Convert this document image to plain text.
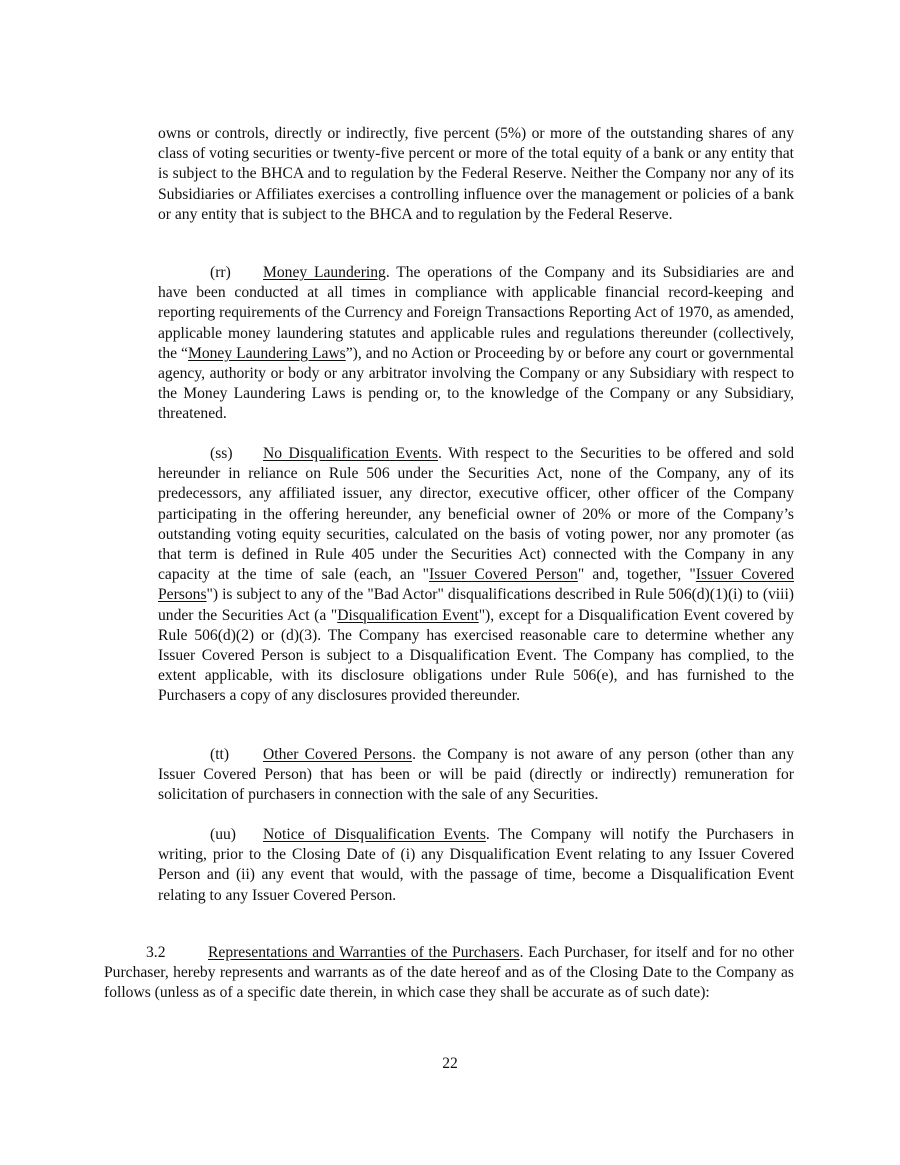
owns or controls, directly or indirectly, five percent (5%) or more of the outstanding shares of any class of voting securities or twenty-five percent or more of the total equity of a bank or any entity that is subject to the BHCA and to regulation by the Federal Reserve. Neither the Company nor any of its Subsidiaries or Affiliates exercises a controlling influence over the management or policies of a bank or any entity that is subject to the BHCA and to regulation by the Federal Reserve.

(rr) Money Laundering. The operations of the Company and its Subsidiaries are and have been conducted at all times in compliance with applicable financial record-keeping and reporting requirements of the Currency and Foreign Transactions Reporting Act of 1970, as amended, applicable money laundering statutes and applicable rules and regulations thereunder (collectively, the “Money Laundering Laws”), and no Action or Proceeding by or before any court or governmental agency, authority or body or any arbitrator involving the Company or any Subsidiary with respect to the Money Laundering Laws is pending or, to the knowledge of the Company or any Subsidiary, threatened.

(ss) No Disqualification Events. With respect to the Securities to be offered and sold hereunder in reliance on Rule 506 under the Securities Act, none of the Company, any of its predecessors, any affiliated issuer, any director, executive officer, other officer of the Company participating in the offering hereunder, any beneficial owner of 20% or more of the Company’s outstanding voting equity securities, calculated on the basis of voting power, nor any promoter (as that term is defined in Rule 405 under the Securities Act) connected with the Company in any capacity at the time of sale (each, an "Issuer Covered Person" and, together, "Issuer Covered Persons") is subject to any of the "Bad Actor" disqualifications described in Rule 506(d)(1)(i) to (viii) under the Securities Act (a "Disqualification Event"), except for a Disqualification Event covered by Rule 506(d)(2) or (d)(3). The Company has exercised reasonable care to determine whether any Issuer Covered Person is subject to a Disqualification Event. The Company has complied, to the extent applicable, with its disclosure obligations under Rule 506(e), and has furnished to the Purchasers a copy of any disclosures provided thereunder.

(tt) Other Covered Persons. the Company is not aware of any person (other than any Issuer Covered Person) that has been or will be paid (directly or indirectly) remuneration for solicitation of purchasers in connection with the sale of any Securities.

(uu) Notice of Disqualification Events. The Company will notify the Purchasers in writing, prior to the Closing Date of (i) any Disqualification Event relating to any Issuer Covered Person and (ii) any event that would, with the passage of time, become a Disqualification Event relating to any Issuer Covered Person.

3.2	Representations and Warranties of the Purchasers. Each Purchaser, for itself and for no other Purchaser, hereby represents and warrants as of the date hereof and as of the Closing Date to the Company as follows (unless as of a specific date therein, in which case they shall be accurate as of such date):

22
